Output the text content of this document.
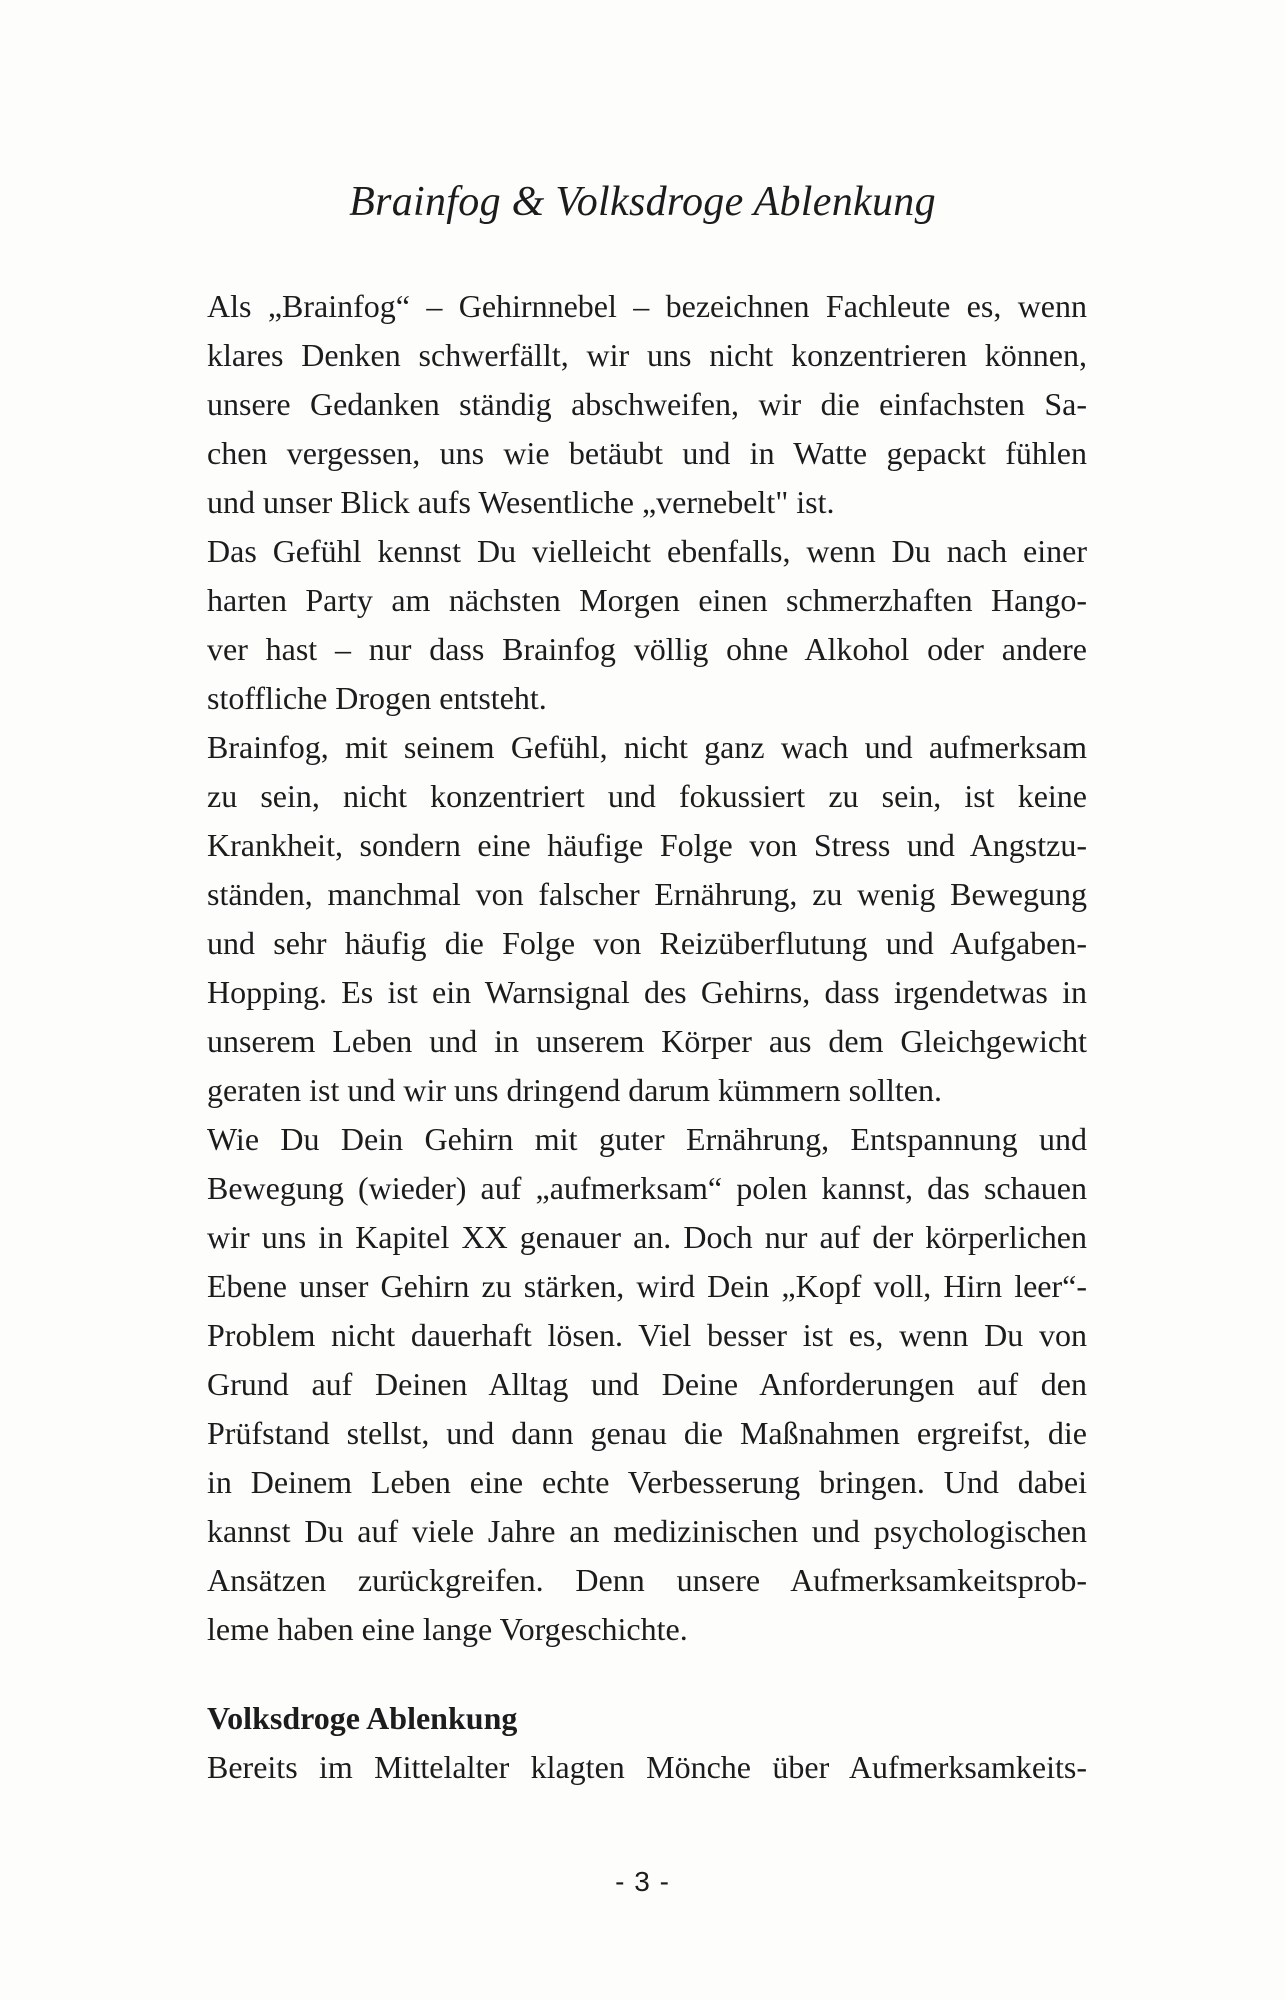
Brainfog & Volksdroge Ablenkung
Als „Brainfog“ – Gehirnnebel – bezeichnen Fachleute es, wenn
klares Denken schwerfällt, wir uns nicht konzentrieren können,
unsere Gedanken ständig abschweifen, wir die einfachsten Sa-
chen vergessen, uns wie betäubt und in Watte gepackt fühlen
und unser Blick aufs Wesentliche „vernebelt" ist.
Das Gefühl kennst Du vielleicht ebenfalls, wenn Du nach einer
harten Party am nächsten Morgen einen schmerzhaften Hango-
ver hast – nur dass Brainfog völlig ohne Alkohol oder andere
stoffliche Drogen entsteht.
Brainfog, mit seinem Gefühl, nicht ganz wach und aufmerksam
zu sein, nicht konzentriert und fokussiert zu sein, ist keine
Krankheit, sondern eine häufige Folge von Stress und Angstzu-
ständen, manchmal von falscher Ernährung, zu wenig Bewegung
und sehr häufig die Folge von Reizüberflutung und Aufgaben-
Hopping. Es ist ein Warnsignal des Gehirns, dass irgendetwas in
unserem Leben und in unserem Körper aus dem Gleichgewicht
geraten ist und wir uns dringend darum kümmern sollten.
Wie Du Dein Gehirn mit guter Ernährung, Entspannung und
Bewegung (wieder) auf „aufmerksam“ polen kannst, das schauen
wir uns in Kapitel XX genauer an. Doch nur auf der körperlichen
Ebene unser Gehirn zu stärken, wird Dein „Kopf voll, Hirn leer“-
Problem nicht dauerhaft lösen. Viel besser ist es, wenn Du von
Grund auf Deinen Alltag und Deine Anforderungen auf den
Prüfstand stellst, und dann genau die Maßnahmen ergreifst, die
in Deinem Leben eine echte Verbesserung bringen. Und dabei
kannst Du auf viele Jahre an medizinischen und psychologischen
Ansätzen zurückgreifen. Denn unsere Aufmerksamkeitsprob-
leme haben eine lange Vorgeschichte.
Volksdroge Ablenkung
Bereits im Mittelalter klagten Mönche über Aufmerksamkeits-
- 3 -
